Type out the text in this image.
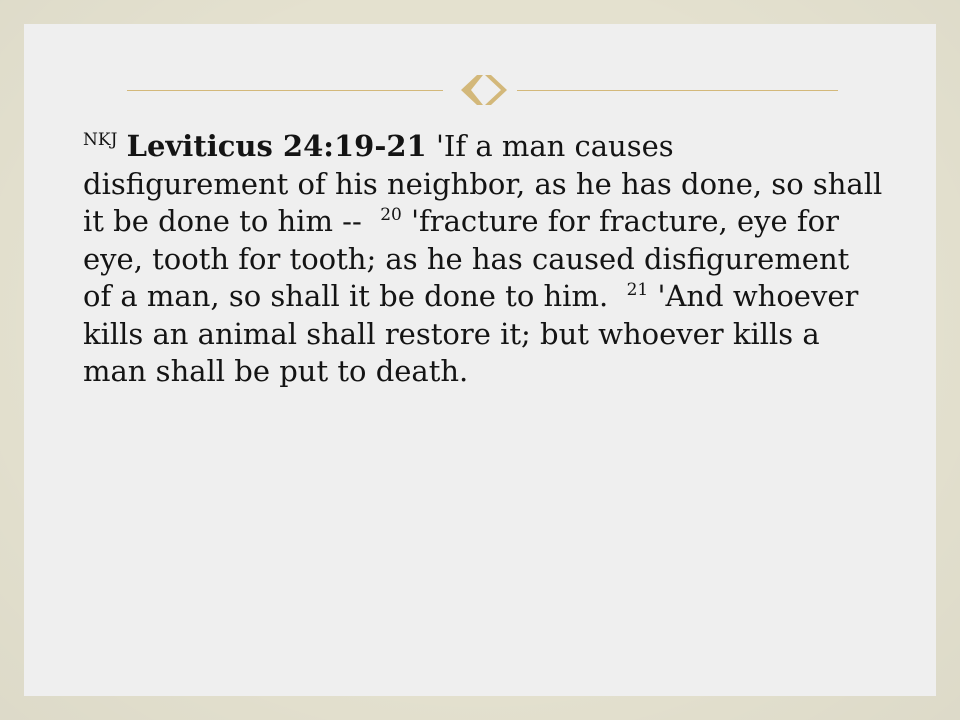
$^{NKJ}$ Leviticus 24:19-21 'If a man causes disfigurement of his neighbor, as he has done, so shall it be done to him --  $^{20}$ 'fracture for fracture, eye for eye, tooth for tooth; as he has caused disfigurement of a man, so shall it be done to him.  $^{21}$ 'And whoever kills an animal shall restore it; but whoever kills a man shall be put to death.
